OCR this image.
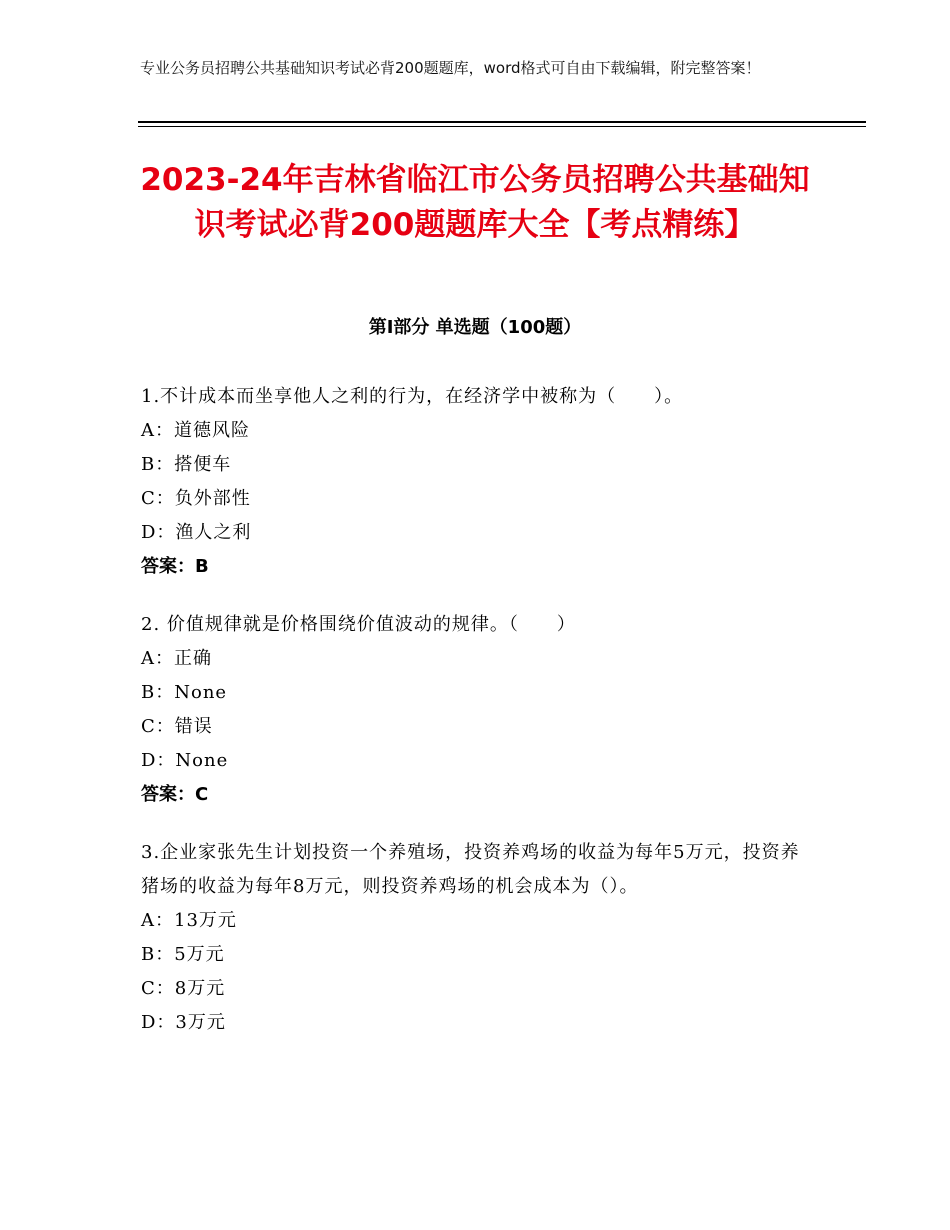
专业公务员招聘公共基础知识考试必背200题题库，word格式可自由下载编辑，附完整答案！
2023-24年吉林省临江市公务员招聘公共基础知识考试必背200题题库大全【考点精练】
第Ⅰ部分 单选题（100题）
1.不计成本而坐享他人之利的行为，在经济学中被称为（　　）。
A：道德风险
B：搭便车
C：负外部性
D：渔人之利
答案：B
2. 价值规律就是价格围绕价值波动的规律。（　　）
A：正确
B：None
C：错误
D：None
答案：C
3.企业家张先生计划投资一个养殖场，投资养鸡场的收益为每年5万元，投资养猪场的收益为每年8万元，则投资养鸡场的机会成本为（）。
A：13万元
B：5万元
C：8万元
D：3万元
